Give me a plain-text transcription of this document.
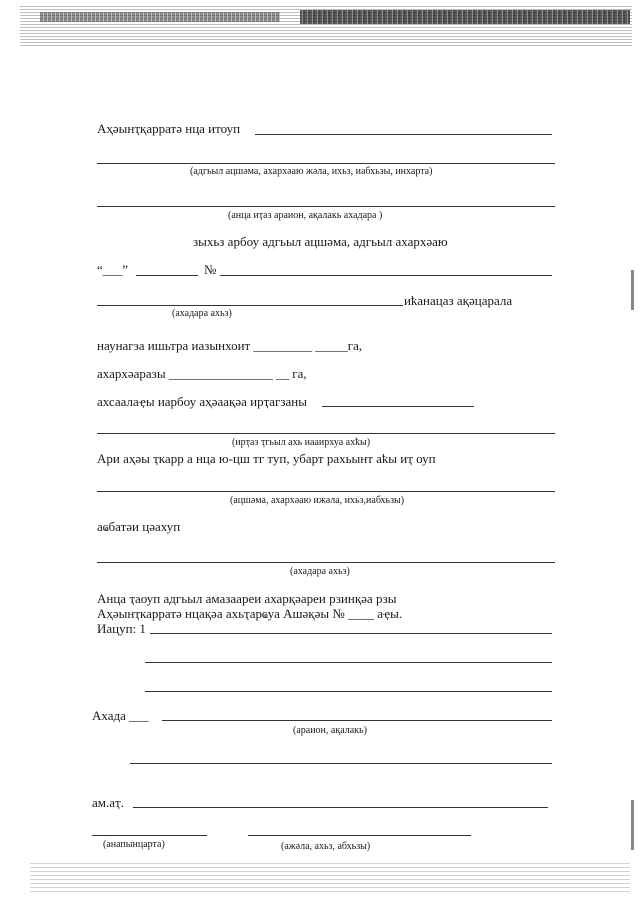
Аҳәынҭқарратә нца итоуп
(адгьыл ацшәма, ахархәаю жәла, ихьз, иабхьзы, инхарта)
(анца иҭаз араион, ақалакь ахадара )
зыхьз арбоу адгьыл ацшәма, адгьыл ахархәаю
“___”	№
иҟанацаз ақәцарала
(ахадара ахьз)
наунагза ишьтра иазынхоит _________ _____га,
ахархәаразы ________________ __ га,
ахсаалаҿы иарбоу аҳәаақәа ирҭагзаны
(ирҭаз ҭгьыл ахь иааирхуа ахҟы)
Ари аҳәы ҭкарр а нца ю-цш тг туп, убарт рахьынт аҟы иҭ оуп
(ацшәма, ахархәаю ижәла, ихьз,иабхьзы)
аҩбатәи цәахуп
(ахадара ахьз)
Анца ҭаоуп адгьыл амазаареи ахарқәареи рзинқәа рзы
Аҳәынҭкарратә нцақәа ахьҭарҩуа Ашәқәы № ____ аҿы.
Иацуп: 1
Ахада ___
(араион, ақалакь)
ам.аҭ.
(анапынцарта)	(ажәла, ахьз, абхьзы)
